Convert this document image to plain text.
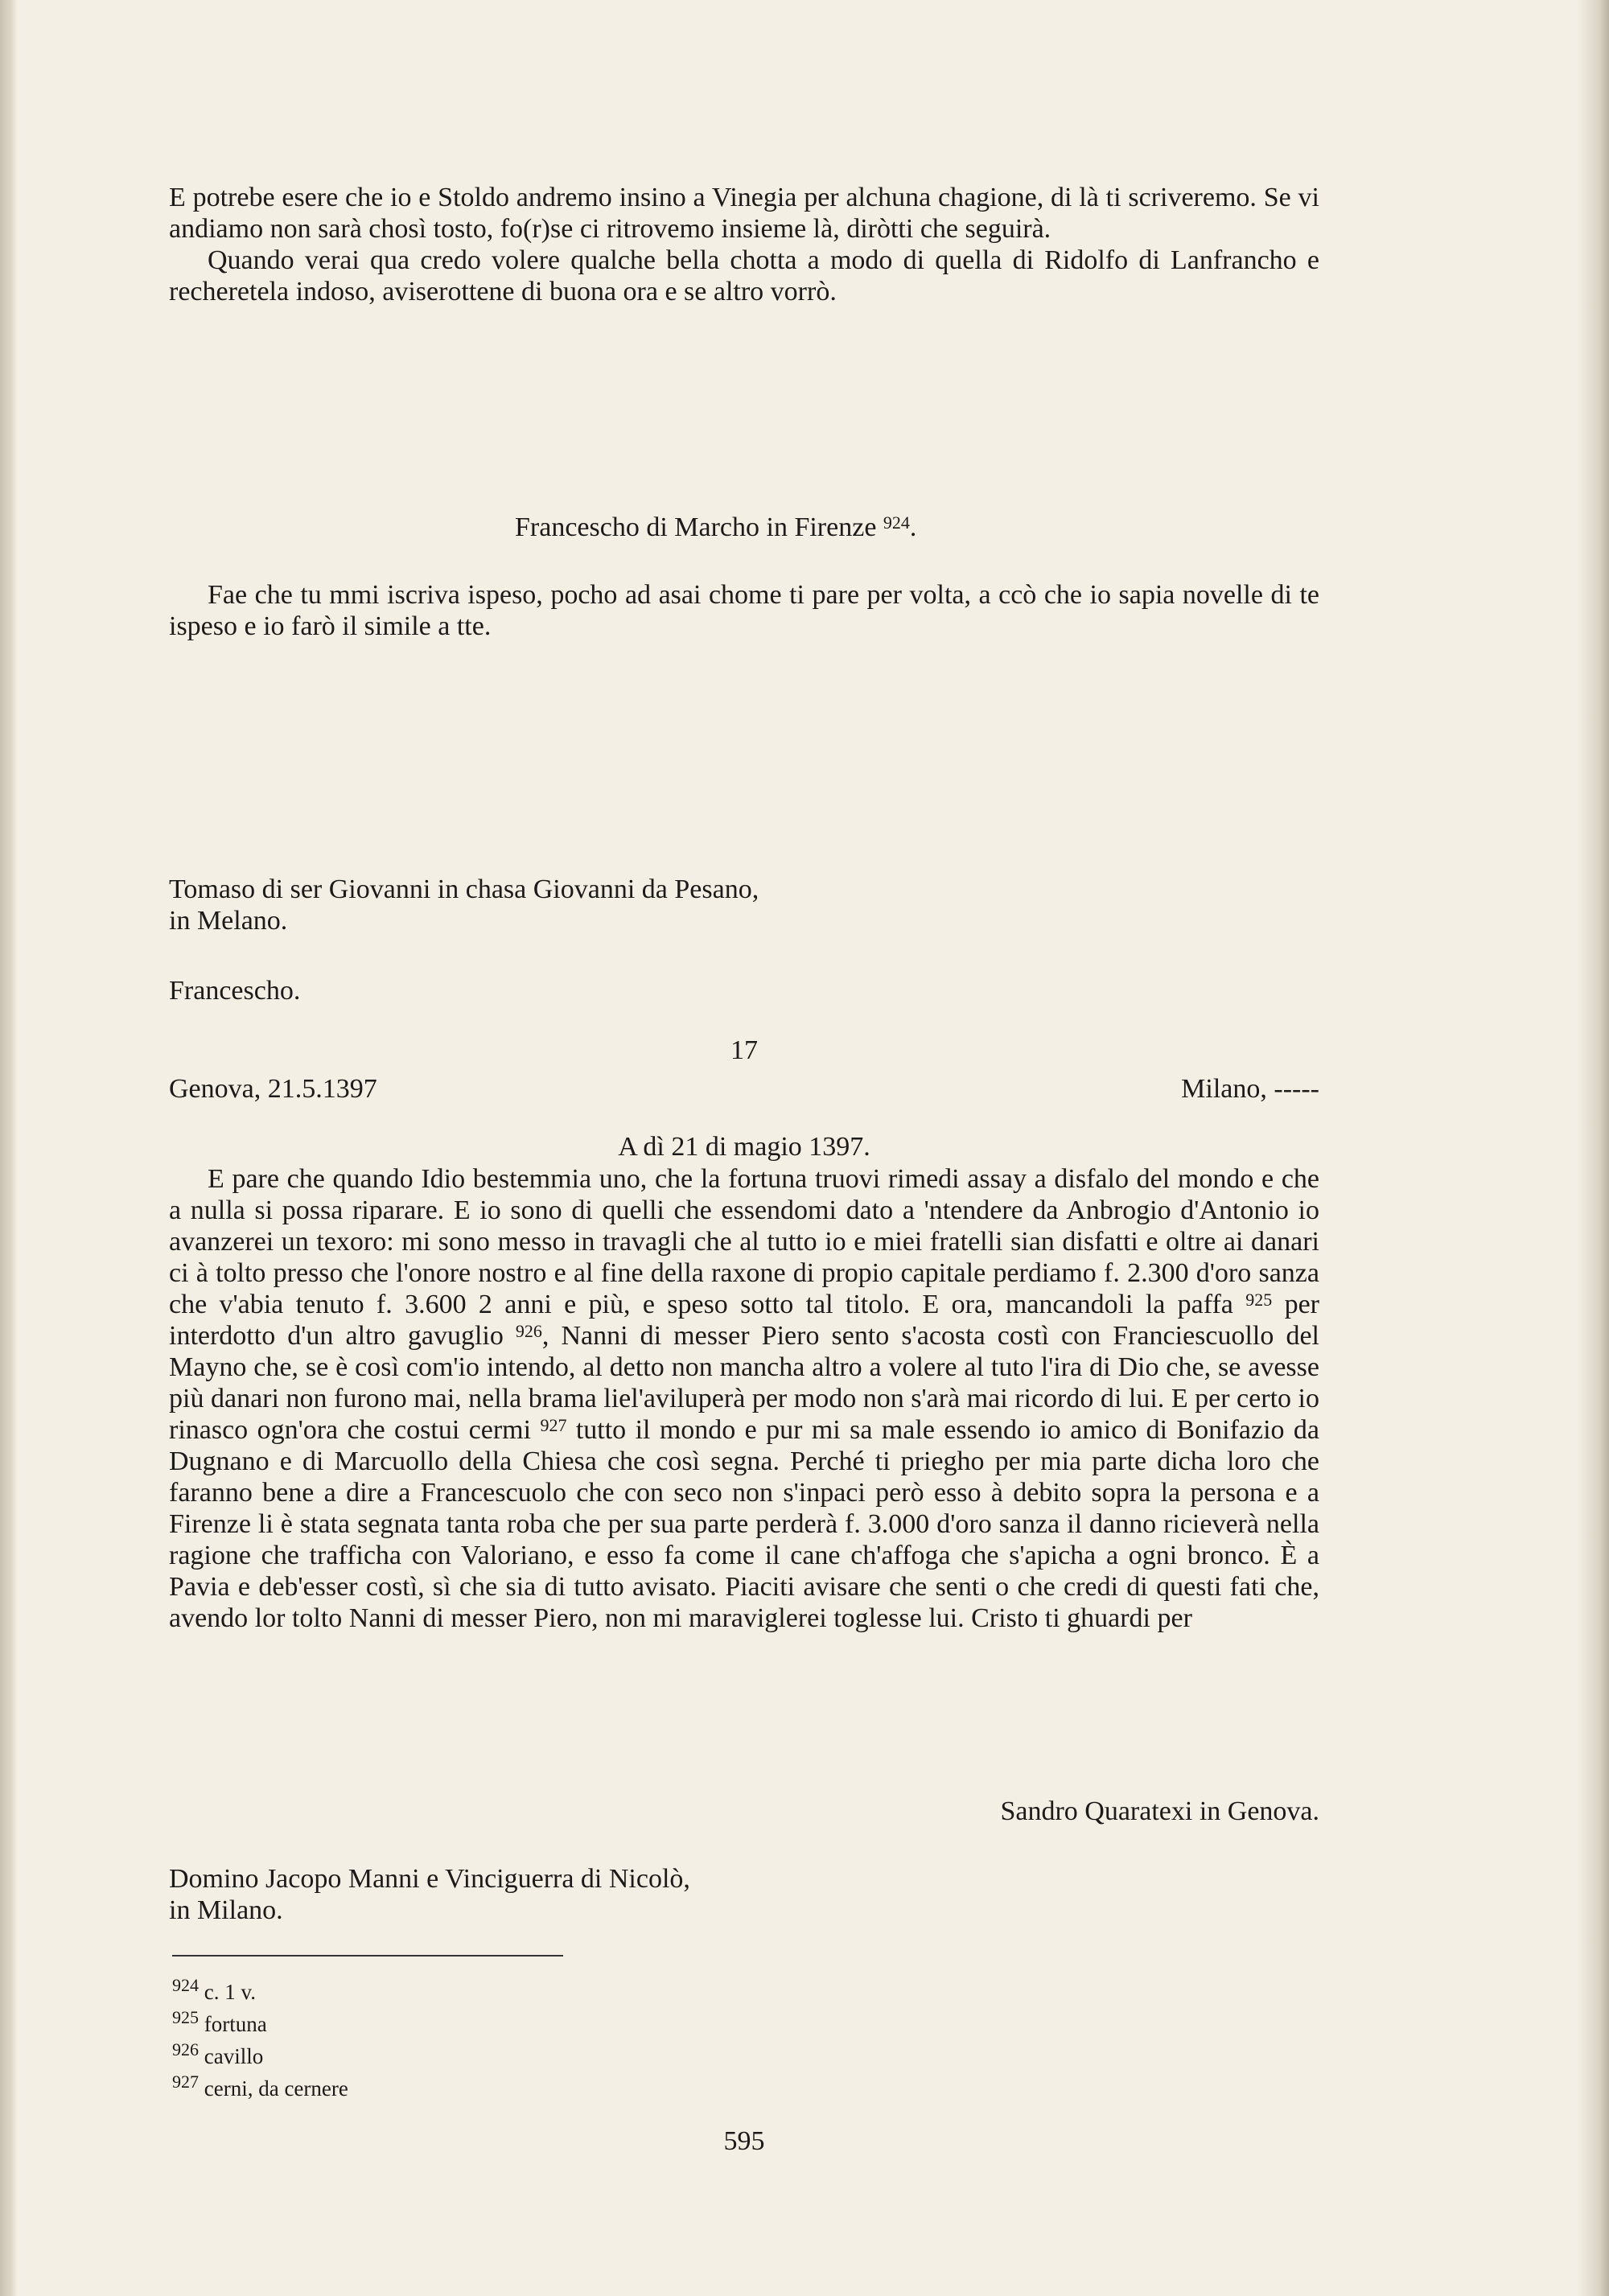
E potrebe esere che io e Stoldo andremo insino a Vinegia per alchuna chagione, di là ti scriveremo. Se vi andiamo non sarà chosì tosto, fo(r)se ci ritrovemo insieme là, diròtti che seguirà.

Quando verai qua credo volere qualche bella chotta a modo di quella di Ridolfo di Lanfrancho e recheretela indoso, aviserottene di buona ora e se altro vorrò.

Francescho di Marcho in Firenze $^{924}$.

Fae che tu mmi iscriva ispeso, pocho ad asai chome ti pare per volta, a ccò che io sapia novelle di te ispeso e io farò il simile a tte.

Tomaso di ser Giovanni in chasa Giovanni da Pesano,
in Melano.
Francescho.
17
Genova, 21.5.1397	Milano, -----
A dì 21 di magio 1397.

E pare che quando Idio bestemmia uno, che la fortuna truovi rimedi assay a disfalo del mondo e che a nulla si possa riparare. E io sono di quelli che essendomi dato a 'ntendere da Anbrogio d'Antonio io avanzerei un texoro: mi sono messo in travagli che al tutto io e miei fratelli sian disfatti e oltre ai danari ci à tolto presso che l'onore nostro e al fine della raxone di propio capitale perdiamo f. 2.300 d'oro sanza che v'abia tenuto f. 3.600 2 anni e più, e speso sotto tal titolo. E ora, mancandoli la paffa $^{925}$ per interdotto d'un altro gavuglio $^{926}$, Nanni di messer Piero sento s'acosta costì con Franciescuollo del Mayno che, se è così com'io intendo, al detto non mancha altro a volere al tuto l'ira di Dio che, se avesse più danari non furono mai, nella brama liel'aviluperà per modo non s'arà mai ricordo di lui. E per certo io rinasco ogn'ora che costui cermi $^{927}$ tutto il mondo e pur mi sa male essendo io amico di Bonifazio da Dugnano e di Marcuollo della Chiesa che così segna. Perché ti prieghо per mia parte dicha loro che faranno bene a dire a Francescuolo che con seco non s'inpaci però esso à debito sopra la persona e a Firenze li è stata segnata tanta roba che per sua parte perderà f. 3.000 d'oro sanza il danno ricieverà nella ragione che trafficha con Valoriano, e esso fa come il cane ch'affoga che s'apicha a ogni bronco. È a Pavia e deb'esser costì, sì che sia di tutto avisato. Piaciti avisare che senti o che credi di questi fati che, avendo lor tolto Nanni di messer Piero, non mi maraviglerei toglesse lui. Cristo ti ghuardi per

Sandro Quaratexi in Genova.
Domino Jacopo Manni e Vinciguerra di Nicolò,
in Milano.
$^{924}$ c. 1 v.
$^{925}$ fortuna
$^{926}$ cavillo
$^{927}$ cerni, da cernere
595
